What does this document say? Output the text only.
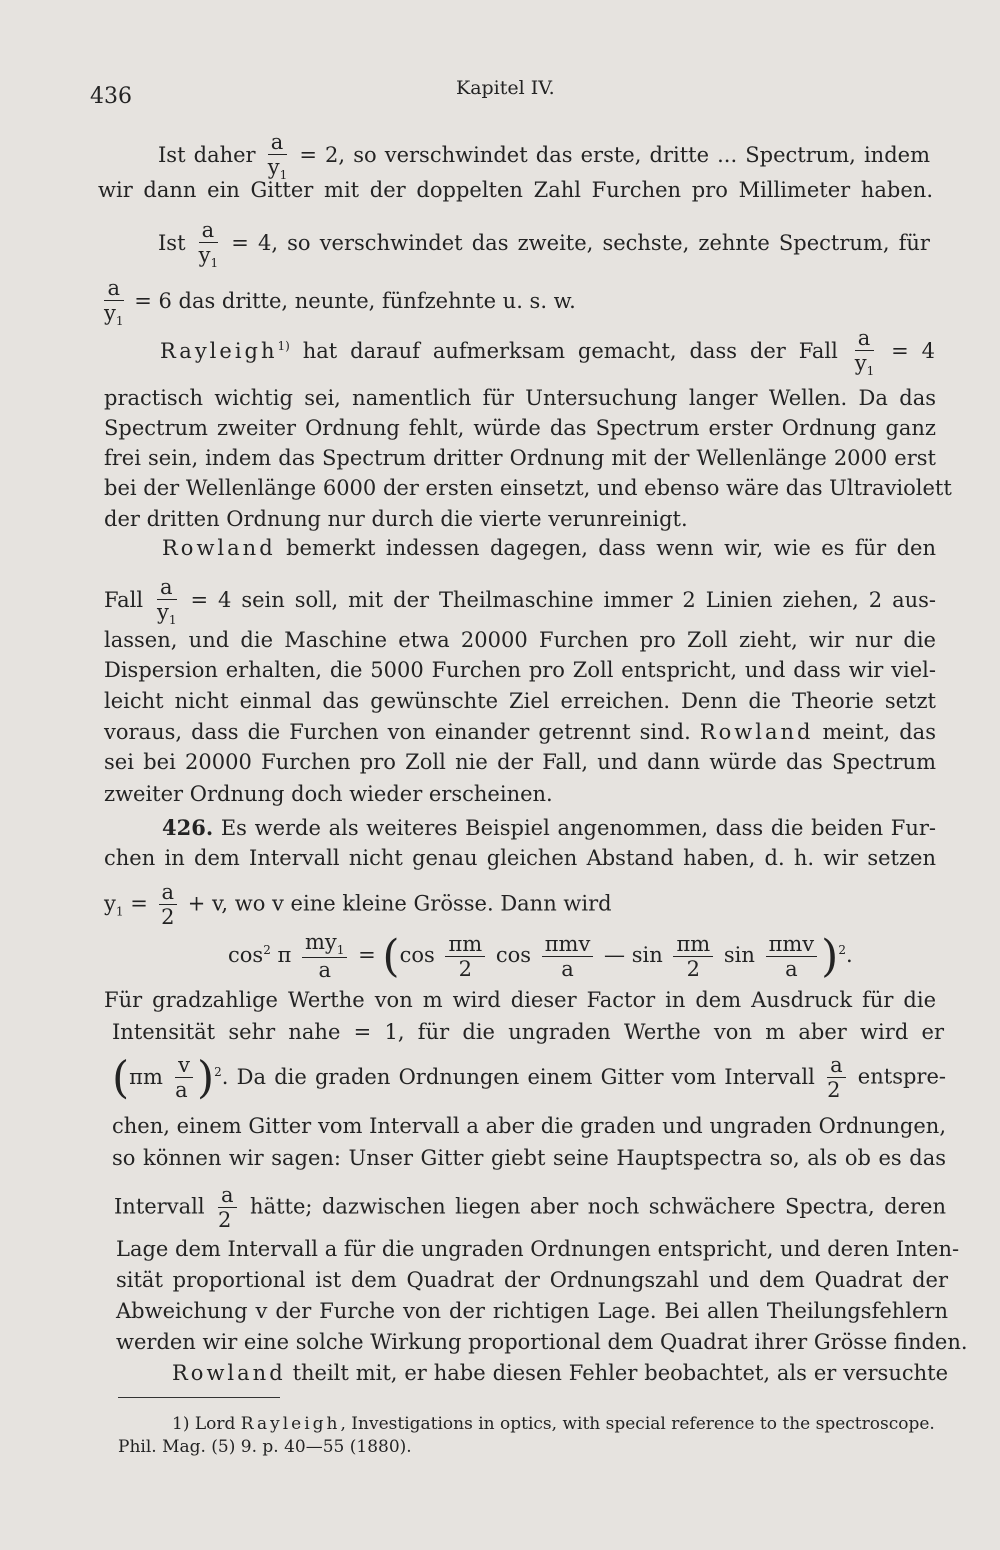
436	Kapitel IV.
Ist daher $\frac{a}{y_1} = 2$, so verschwindet das erste, dritte ... Spectrum, indem
wir dann ein Gitter mit der doppelten Zahl Furchen pro Millimeter haben.
Ist $\frac{a}{y_1} = 4$, so verschwindet das zweite, sechste, zehnte Spectrum, für
$\frac{a}{y_1} = 6$ das dritte, neunte, fünfzehnte u. s. w.
Rayleigh$^{1)}$ hat darauf aufmerksam gemacht, dass der Fall $\frac{a}{y_1} = 4$
practisch wichtig sei, namentlich für Untersuchung langer Wellen. Da das
Spectrum zweiter Ordnung fehlt, würde das Spectrum erster Ordnung ganz
frei sein, indem das Spectrum dritter Ordnung mit der Wellenlänge 2000 erst
bei der Wellenlänge 6000 der ersten einsetzt, und ebenso wäre das Ultraviolett
der dritten Ordnung nur durch die vierte verunreinigt.
Rowland bemerkt indessen dagegen, dass wenn wir, wie es für den
Fall $\frac{a}{y_1} = 4$ sein soll, mit der Theilmaschine immer 2 Linien ziehen, 2 aus-
lassen, und die Maschine etwa 20000 Furchen pro Zoll zieht, wir nur die
Dispersion erhalten, die 5000 Furchen pro Zoll entspricht, und dass wir viel-
leicht nicht einmal das gewünschte Ziel erreichen. Denn die Theorie setzt
voraus, dass die Furchen von einander getrennt sind. Rowland meint, das
sei bei 20000 Furchen pro Zoll nie der Fall, und dann würde das Spectrum
zweiter Ordnung doch wieder erscheinen.
426. Es werde als weiteres Beispiel angenommen, dass die beiden Fur-
chen in dem Intervall nicht genau gleichen Abstand haben, d. h. wir setzen
$y_1 = \frac{a}{2} + v$, wo v eine kleine Grösse. Dann wird
$\cos^2 \pi \frac{my_1}{a} = (\cos \frac{\pi m}{2}$ $\cos \frac{\text{πmv}}{a}$ — $\sin \frac{\pi m}{2}$ $\sin \frac{\text{πmv}}{a} )^2$.
Für gradzahlige Werthe von m wird dieser Factor in dem Ausdruck für die
Intensität sehr nahe = 1, für die ungraden Werthe von m aber wird er
$(\pi m \frac{v}{a} )^2$. Da die graden Ordnungen einem Gitter vom Intervall $\frac{a}{2}$ entspre-
chen, einem Gitter vom Intervall a aber die graden und ungraden Ordnungen,
so können wir sagen: Unser Gitter giebt seine Hauptspectra so, als ob es das
Intervall $\frac{a}{2}$ hätte; dazwischen liegen aber noch schwächere Spectra, deren
Lage dem Intervall a für die ungraden Ordnungen entspricht, und deren Inten-
sität proportional ist dem Quadrat der Ordnungszahl und dem Quadrat der
Abweichung v der Furche von der richtigen Lage. Bei allen Theilungsfehlern
werden wir eine solche Wirkung proportional dem Quadrat ihrer Grösse finden.
Rowland theilt mit, er habe diesen Fehler beobachtet, als er versuchte
1) Lord Rayleigh, Investigations in optics, with special reference to the spectroscope.
Phil. Mag. (5) 9. p. 40—55 (1880).
